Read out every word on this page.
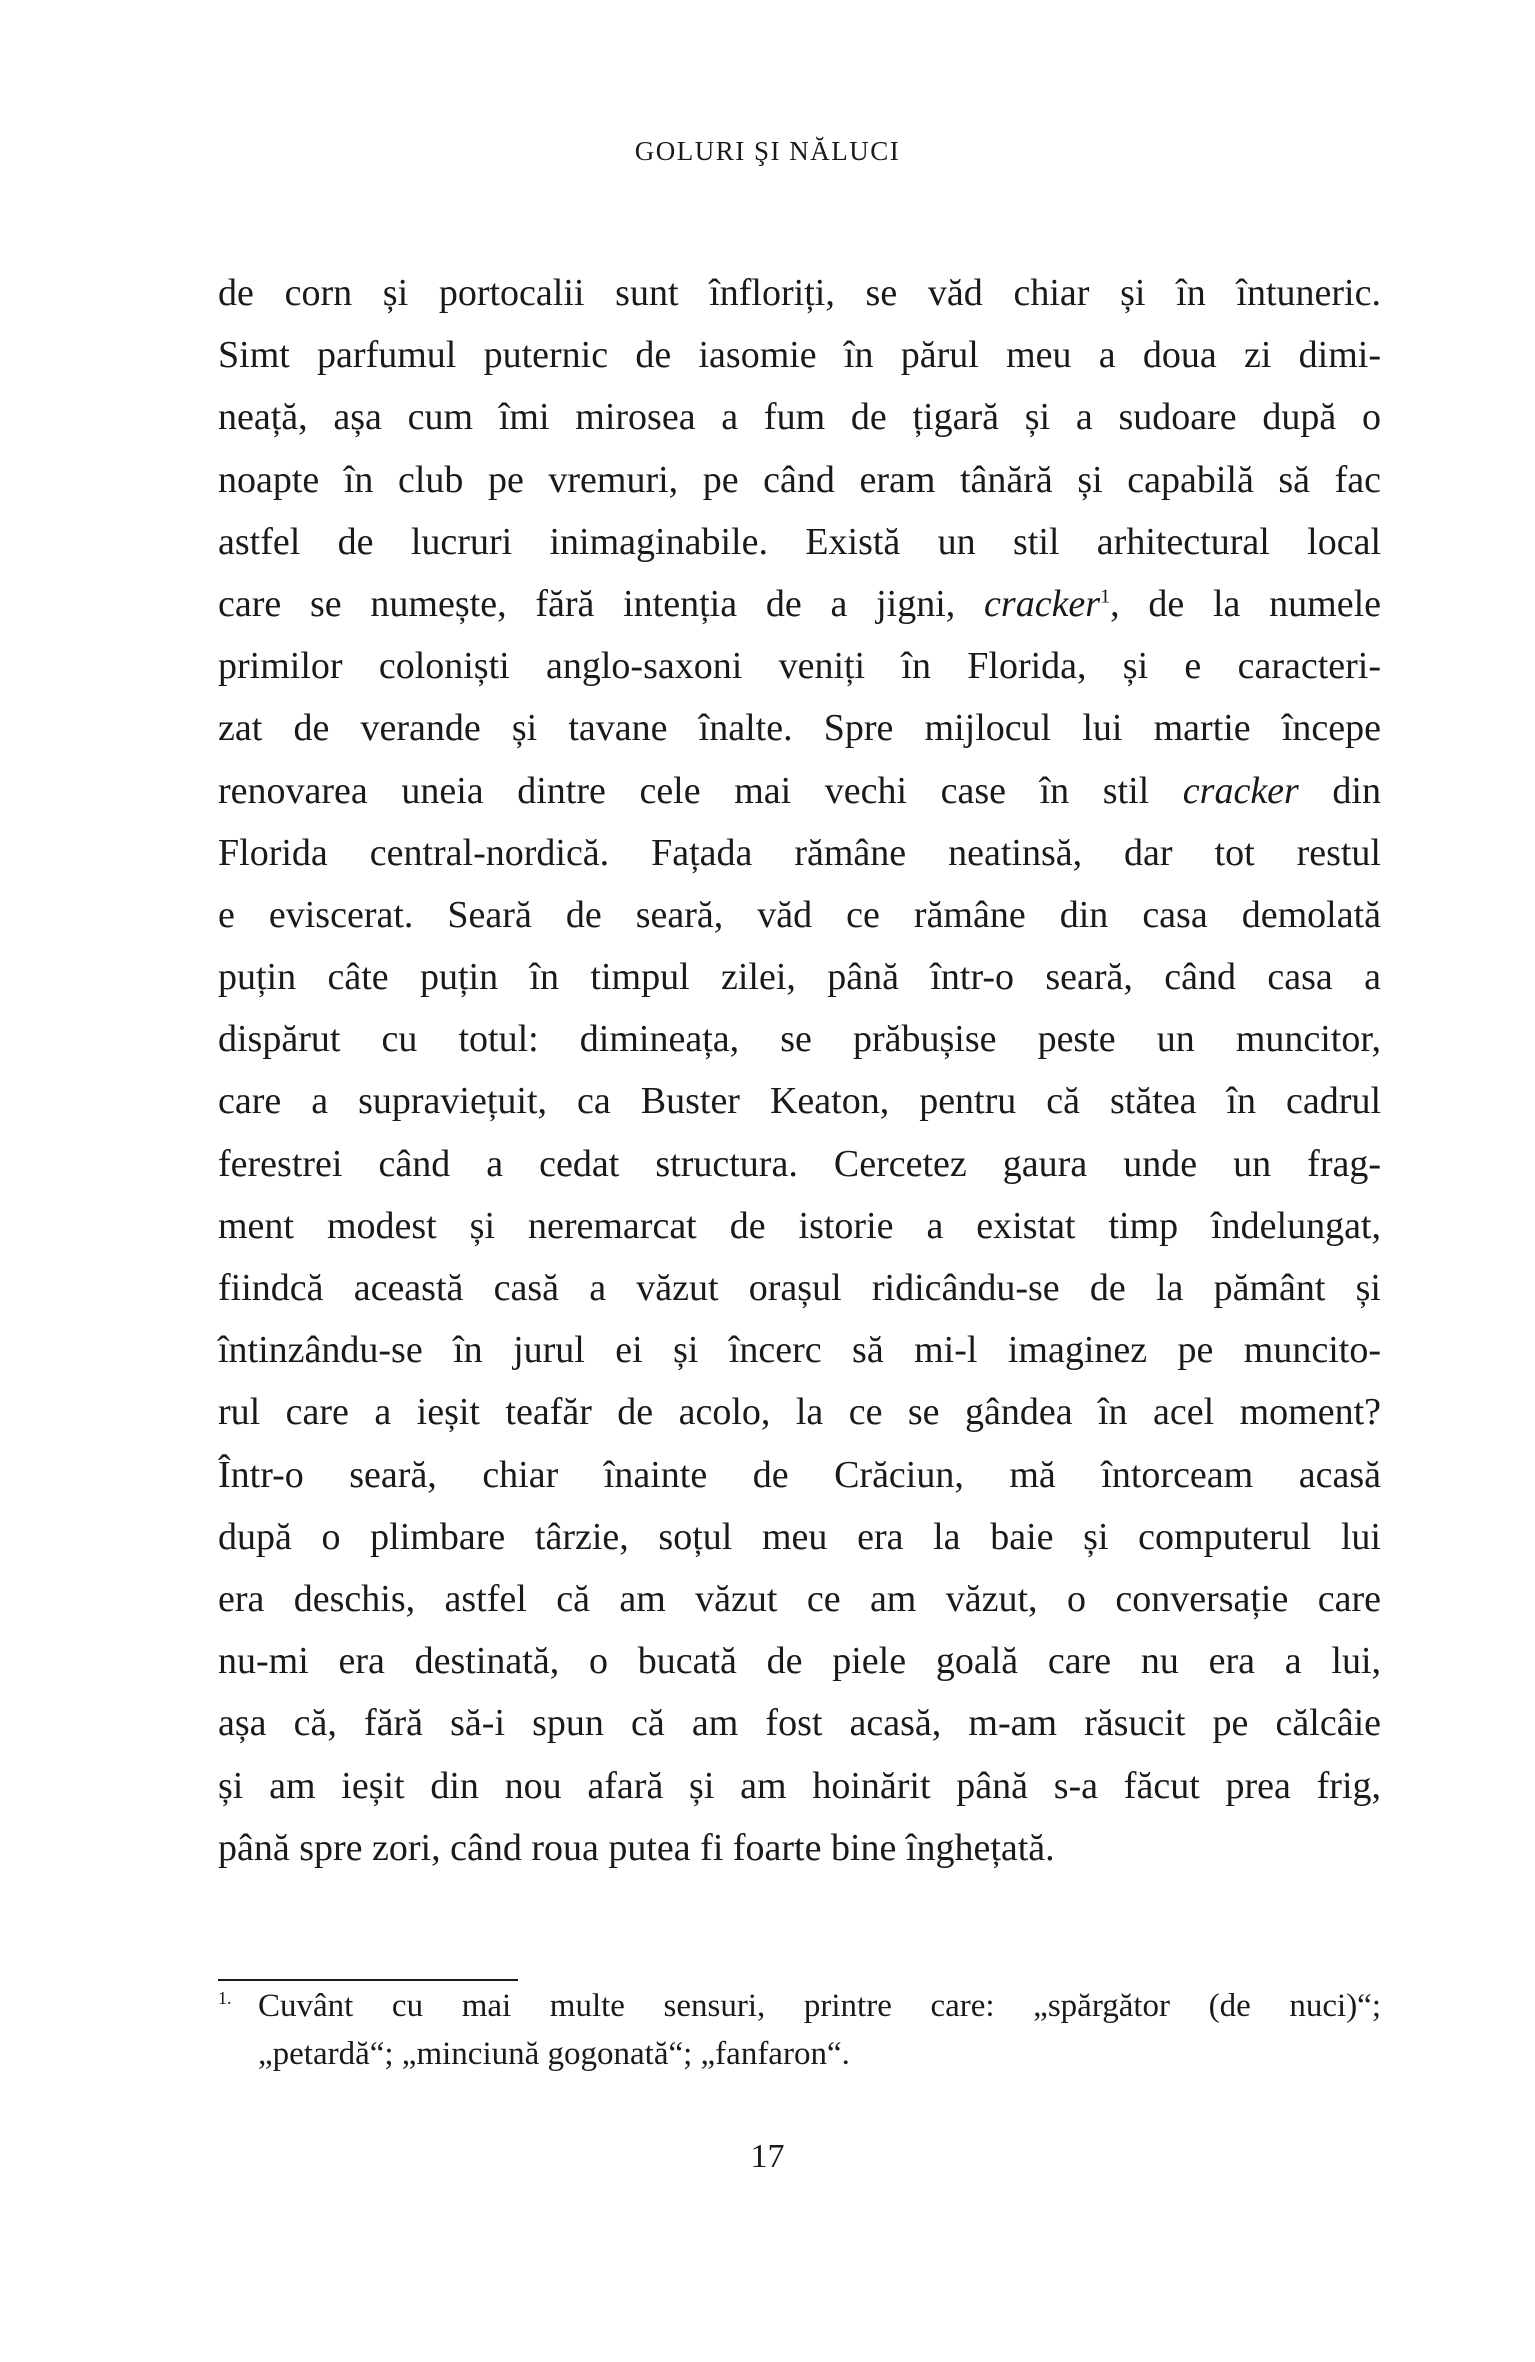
GOLURI ŞI NĂLUCI
de corn și portocalii sunt înfloriți, se văd chiar și în întuneric.
Simt parfumul puternic de iasomie în părul meu a doua zi dimi-
neață, așa cum îmi mirosea a fum de țigară și a sudoare după o
noapte în club pe vremuri, pe când eram tânără și capabilă să fac
astfel de lucruri inimaginabile. Există un stil arhitectural local
care se numește, fără intenția de a jigni, cracker$^1$, de la numele
primilor coloniști anglo-saxoni veniți în Florida, și e caracteri-
zat de verande și tavane înalte. Spre mijlocul lui martie începe
renovarea uneia dintre cele mai vechi case în stil cracker din
Florida central-nordică. Fațada rămâne neatinsă, dar tot restul
e eviscerat. Seară de seară, văd ce rămâne din casa demolată
puțin câte puțin în timpul zilei, până într-o seară, când casa a
dispărut cu totul: dimineața, se prăbușise peste un muncitor,
care a supraviețuit, ca Buster Keaton, pentru că stătea în cadrul
ferestrei când a cedat structura. Cercetez gaura unde un frag-
ment modest și neremarcat de istorie a existat timp îndelungat,
fiindcă această casă a văzut orașul ridicându-se de la pământ și
întinzându-se în jurul ei și încerc să mi-l imaginez pe muncito-
rul care a ieșit teafăr de acolo, la ce se gândea în acel moment?
Într-o seară, chiar înainte de Crăciun, mă întorceam acasă
după o plimbare târzie, soțul meu era la baie și computerul lui
era deschis, astfel că am văzut ce am văzut, o conversație care
nu-mi era destinată, o bucată de piele goală care nu era a lui,
așa că, fără să-i spun că am fost acasă, m-am răsucit pe călcâie
și am ieșit din nou afară și am hoinărit până s-a făcut prea frig,
până spre zori, când roua putea fi foarte bine înghețată.
1. Cuvânt cu mai multe sensuri, printre care: „spărgător (de nuci)“;
„petardă“; „minciună gogonată“; „fanfaron“.
17
